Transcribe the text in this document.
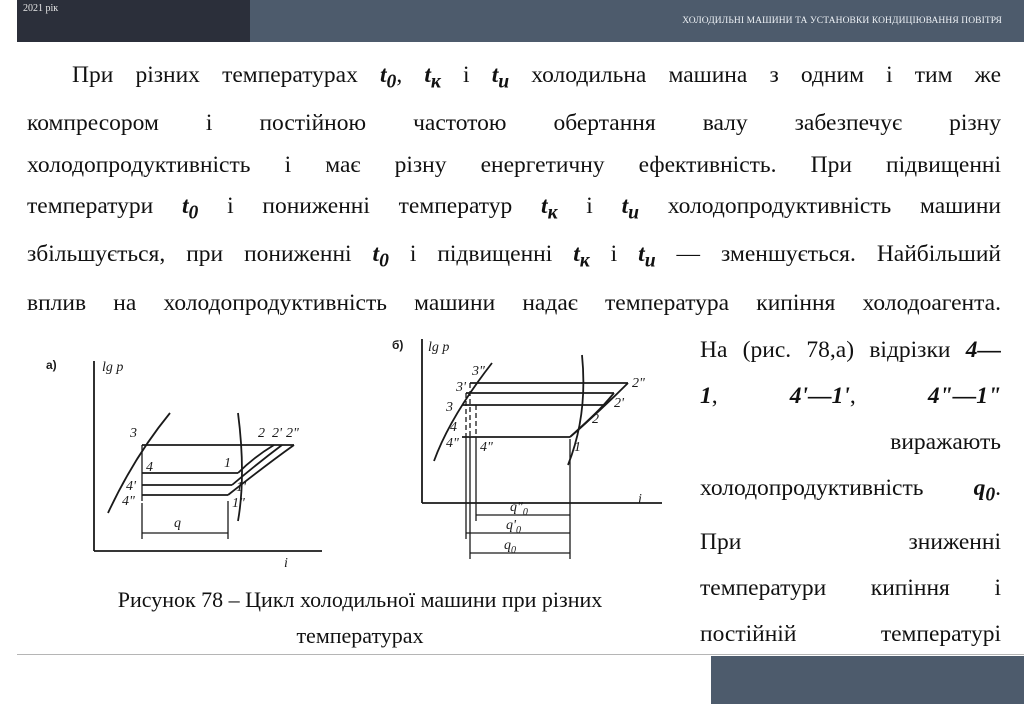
2021 рік
ХОЛОДИЛЬНІ МАШИНИ ТА УСТАНОВКИ КОНДИЦІЮВАННЯ ПОВІТРЯ
При різних температурах $t_0$, $t_к$ і $t_и$ холодильна машина з одним і тим же
компресором і постійною частотою обертання валу забезпечує різну
холодопродуктивність і має різну енергетичну ефективність. При підвищенні
температури $t_0$ і пониженні температур $t_к$ і $t_и$ холодопродуктивність машини
збільшується, при пониженні $t_0$ і підвищенні $t_к$ і $t_и$ — зменшується. Найбільший
вплив на холодопродуктивність машини надає температура кипіння холодоагента.
а)	lg p
i
q
3
4
4'
4"
1
1'
1"
2 2' 2"
б) lg p
i
$q"_0$
$q'_0$
$q_0$
3"
3'
3
4
4" 4"	1
2
2'
2"
На (рис. 78,а) відрізки 4—
1,	4'—1',	4"—1"
виражають
холодопродуктивність $q_0$.
При	зниженні
температури кипіння і
постійній	температурі
Рисунок 78 – Цикл холодильної машини при різних
температурах
